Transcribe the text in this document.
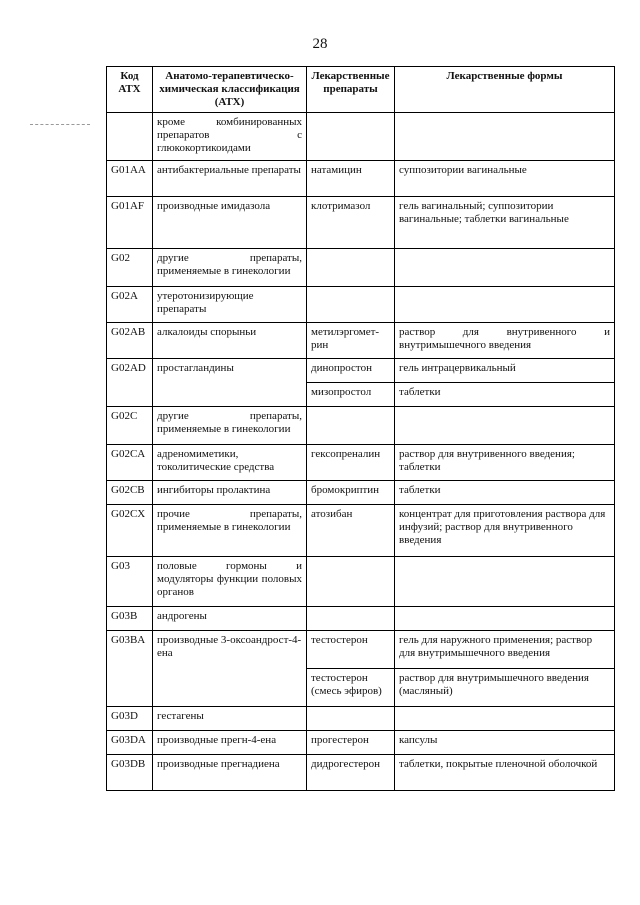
28
Код АТХ	Анатомо-терапевтическо-химическая классификация (АТХ)	Лекарственные препараты	Лекарственные формы
	кроме комбинированных препаратов с глюкокортикоидами		
G01AA	антибактериальные препараты	натамицин	суппозитории вагинальные
G01AF	производные имидазола	клотримазол	гель вагинальный; суппозитории вагинальные; таблетки вагинальные
G02	другие препараты, применяемые в гинекологии		
G02A	утеротонизирующие препараты		
G02AB	алкалоиды спорыньи	метилэргомет-рин	раствор для внутривенного и внутримышечного введения
G02AD	простагландины	динопростон	гель интрацервикальный
		мизопростол	таблетки
G02C	другие препараты, применяемые в гинекологии		
G02CA	адреномиметики, токолитические средства	гексопреналин	раствор для внутривенного введения; таблетки
G02CB	ингибиторы пролактина	бромокриптин	таблетки
G02CX	прочие препараты, применяемые в гинекологии	атозибан	концентрат для приготовления раствора для инфузий; раствор для внутривенного введения
G03	половые гормоны и модуляторы функции половых органов		
G03B	андрогены		
G03BA	производные 3-оксоандрост-4-ена	тестостерон	гель для наружного применения; раствор для внутримышечного введения
		тестостерон (смесь эфиров)	раствор для внутримышечного введения (масляный)
G03D	гестагены		
G03DA	производные прегн-4-ена	прогестерон	капсулы
G03DB	производные прегнадиена	дидрогестерон	таблетки, покрытые пленочной оболочкой
